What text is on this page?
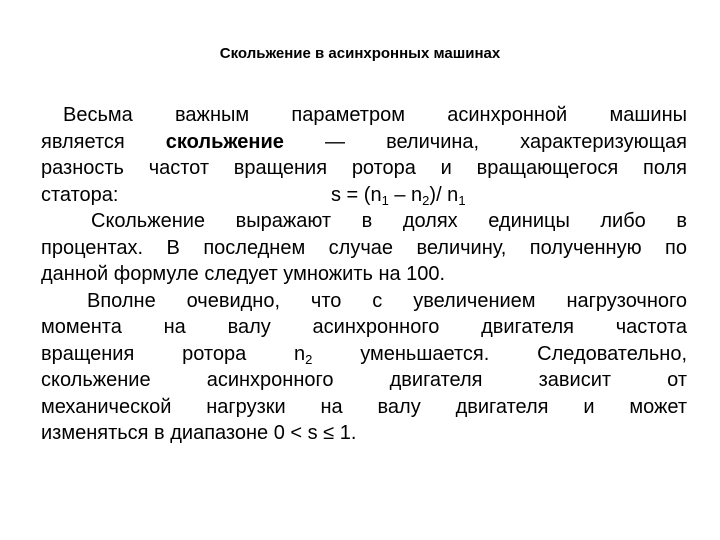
Скольжение в асинхронных машинах
Весьма важным параметром асинхронной машины
является скольжение — величина, характеризующая
разность частот вращения ротора и вращающегося поля
статора:	$s = (n_1 - n_2)/$ $n_1$
Скольжение выражают в долях единицы либо в
процентах. В последнем случае величину, полученную по
данной формуле следует умножить на 100.
Вполне очевидно, что с увеличением нагрузочного
момента на валу асинхронного двигателя частота
вращения ротора $n_2$ уменьшается. Следовательно,
скольжение асинхронного двигателя зависит от
механической нагрузки на валу двигателя и может
изменяться в диапазоне 0 < s ≤ 1.
